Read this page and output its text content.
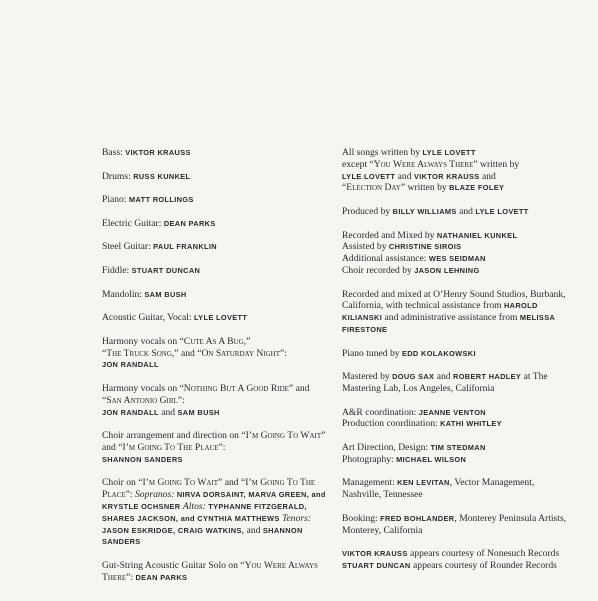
Bass: VIKTOR KRAUSS

Drums: RUSS KUNKEL

Piano: MATT ROLLINGS

Electric Guitar: DEAN PARKS

Steel Guitar: PAUL FRANKLIN

Fiddle: STUART DUNCAN

Mandolin: SAM BUSH

Acoustic Guitar, Vocal: LYLE LOVETT

Harmony vocals on “Cute As A Bug,”
“The Truck Song,” and “On Saturday Night”:
JON RANDALL

Harmony vocals on “Nothing But A Good Ride” and “San Antonio Girl”:
JON RANDALL and SAM BUSH

Choir arrangement and direction on “I’m Going To Wait” and “I’m Going To The Place”:
SHANNON SANDERS

Choir on “I’m Going To Wait” and “I’m Going To The Place”: Sopranos: NIRVA DORSAINT, MARVA GREEN, and KRYSTLE OCHSNER Altos: TYPHANNE FITZGERALD, SHARES JACKSON, and CYNTHIA MATTHEWS Tenors: JASON ESKRIDGE, CRAIG WATKINS, and SHANNON SANDERS

Gut-String Acoustic Guitar Solo on “You Were Always There”: DEAN PARKS

All songs written by LYLE LOVETT
except “You Were Always There” written by
LYLE LOVETT and VIKTOR KRAUSS and
“Election Day” written by BLAZE FOLEY

Produced by BILLY WILLIAMS and LYLE LOVETT

Recorded and Mixed by NATHANIEL KUNKEL
Assisted by CHRISTINE SIROIS
Additional assistance: WES SEIDMAN
Choir recorded by JASON LEHNING

Recorded and mixed at O’Henry Sound Studios, Burbank, California, with technical assistance from HAROLD KILIANSKI and administrative assistance from MELISSA FIRESTONE

Piano tuned by EDD KOLAKOWSKI

Mastered by DOUG SAX and ROBERT HADLEY at The Mastering Lab, Los Angeles, California

A&R coordination: JEANNE VENTON
Production coordination: KATHI WHITLEY

Art Direction, Design: TIM STEDMAN
Photography: MICHAEL WILSON

Management: KEN LEVITAN, Vector Management, Nashville, Tennessee

Booking: FRED BOHLANDER, Monterey Peninsula Artists, Monterey, California

VIKTOR KRAUSS appears courtesy of Nonesuch Records
STUART DUNCAN appears courtesy of Rounder Records
